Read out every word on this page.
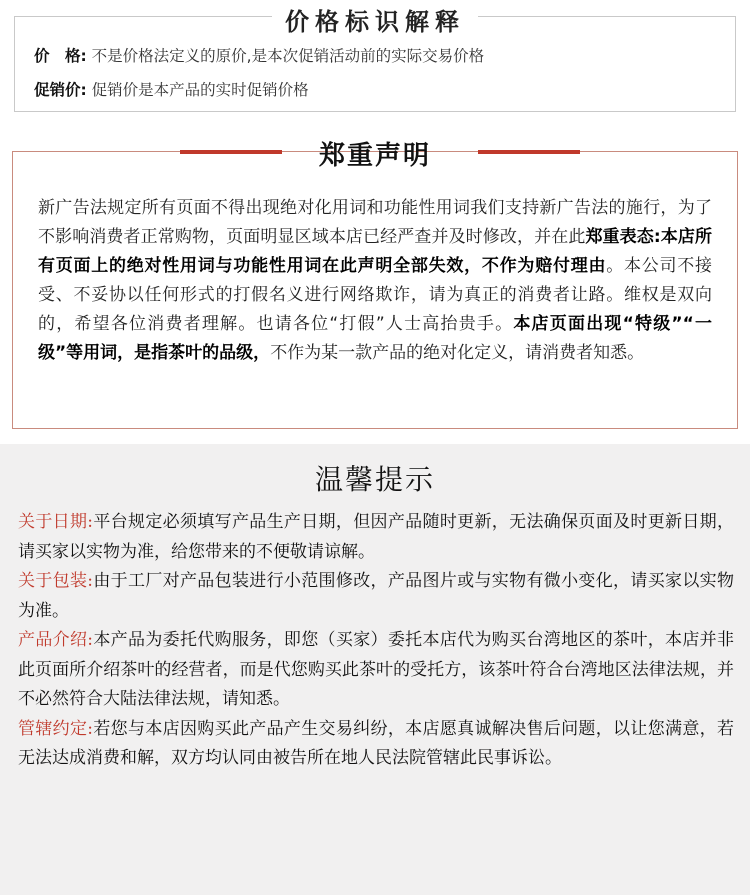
价格标识解释
价　格: 不是价格法定义的原价,是本次促销活动前的实际交易价格
促销价: 促销价是本产品的实时促销价格
郑重声明
新广告法规定所有页面不得出现绝对化用词和功能性用词我们支持新广告法的施行，为了不影响消费者正常购物，页面明显区域本店已经严查并及时修改，并在此郑重表态:本店所有页面上的绝对性用词与功能性用词在此声明全部失效，不作为赔付理由。本公司不接受、不妥协以任何形式的打假名义进行网络欺诈，请为真正的消费者让路。维权是双向的，希望各位消费者理解。也请各位“打假”人士高抬贵手。本店页面出现“特级”“一 级”等用词，是指茶叶的品级，不作为某一款产品的绝对化定义，请消费者知悉。
温馨提示

关于日期:平台规定必须填写产品生产日期，但因产品随时更新，无法确保页面及时更新日期，请买家以实物为准，给您带来的不便敬请谅解。

关于包装:由于工厂对产品包装进行小范围修改，产品图片或与实物有微小变化，请买家以实物为准。

产品介绍:本产品为委托代购服务，即您（买家）委托本店代为购买台湾地区的茶叶，本店并非此页面所介绍茶叶的经营者，而是代您购买此茶叶的受托方，该茶叶符合台湾地区法律法规，并不必然符合大陆法律法规，请知悉。

管辖约定:若您与本店因购买此产品产生交易纠纷，本店愿真诚解决售后问题，以让您满意，若无法达成消费和解，双方均认同由被告所在地人民法院管辖此民事诉讼。
